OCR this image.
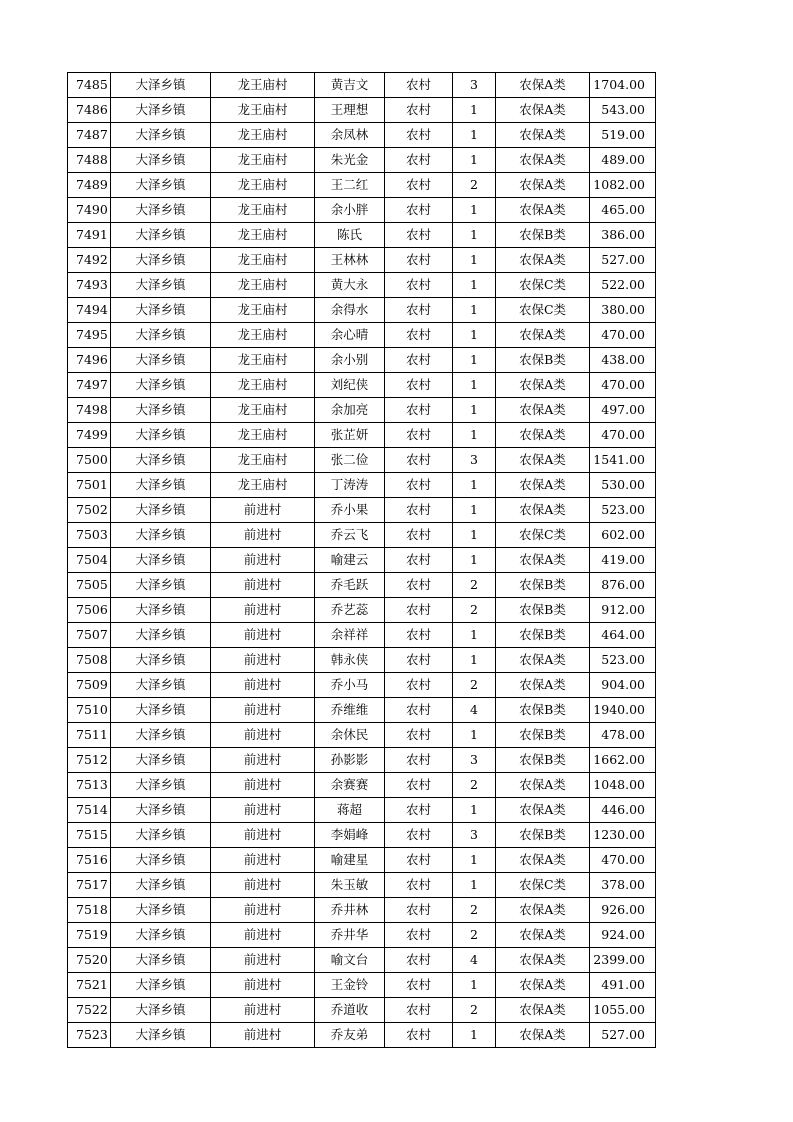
7485	大泽乡镇	龙王庙村	黄吉文	农村	3	农保A类	1704.00
7486	大泽乡镇	龙王庙村	王理想	农村	1	农保A类	543.00
7487	大泽乡镇	龙王庙村	余凤林	农村	1	农保A类	519.00
7488	大泽乡镇	龙王庙村	朱光金	农村	1	农保A类	489.00
7489	大泽乡镇	龙王庙村	王二红	农村	2	农保A类	1082.00
7490	大泽乡镇	龙王庙村	余小胖	农村	1	农保A类	465.00
7491	大泽乡镇	龙王庙村	陈氏	农村	1	农保B类	386.00
7492	大泽乡镇	龙王庙村	王林林	农村	1	农保A类	527.00
7493	大泽乡镇	龙王庙村	黄大永	农村	1	农保C类	522.00
7494	大泽乡镇	龙王庙村	余得水	农村	1	农保C类	380.00
7495	大泽乡镇	龙王庙村	余心晴	农村	1	农保A类	470.00
7496	大泽乡镇	龙王庙村	余小别	农村	1	农保B类	438.00
7497	大泽乡镇	龙王庙村	刘纪侠	农村	1	农保A类	470.00
7498	大泽乡镇	龙王庙村	余加亮	农村	1	农保A类	497.00
7499	大泽乡镇	龙王庙村	张芷妍	农村	1	农保A类	470.00
7500	大泽乡镇	龙王庙村	张二俭	农村	3	农保A类	1541.00
7501	大泽乡镇	龙王庙村	丁涛涛	农村	1	农保A类	530.00
7502	大泽乡镇	前进村	乔小果	农村	1	农保A类	523.00
7503	大泽乡镇	前进村	乔云飞	农村	1	农保C类	602.00
7504	大泽乡镇	前进村	喻建云	农村	1	农保A类	419.00
7505	大泽乡镇	前进村	乔毛跃	农村	2	农保B类	876.00
7506	大泽乡镇	前进村	乔艺蕊	农村	2	农保B类	912.00
7507	大泽乡镇	前进村	余祥祥	农村	1	农保B类	464.00
7508	大泽乡镇	前进村	韩永侠	农村	1	农保A类	523.00
7509	大泽乡镇	前进村	乔小马	农村	2	农保A类	904.00
7510	大泽乡镇	前进村	乔维维	农村	4	农保B类	1940.00
7511	大泽乡镇	前进村	余休民	农村	1	农保B类	478.00
7512	大泽乡镇	前进村	孙影影	农村	3	农保B类	1662.00
7513	大泽乡镇	前进村	余赛赛	农村	2	农保A类	1048.00
7514	大泽乡镇	前进村	蒋超	农村	1	农保A类	446.00
7515	大泽乡镇	前进村	李娟峰	农村	3	农保B类	1230.00
7516	大泽乡镇	前进村	喻建星	农村	1	农保A类	470.00
7517	大泽乡镇	前进村	朱玉敏	农村	1	农保C类	378.00
7518	大泽乡镇	前进村	乔井林	农村	2	农保A类	926.00
7519	大泽乡镇	前进村	乔井华	农村	2	农保A类	924.00
7520	大泽乡镇	前进村	喻文台	农村	4	农保A类	2399.00
7521	大泽乡镇	前进村	王金铃	农村	1	农保A类	491.00
7522	大泽乡镇	前进村	乔道收	农村	2	农保A类	1055.00
7523	大泽乡镇	前进村	乔友弟	农村	1	农保A类	527.00
